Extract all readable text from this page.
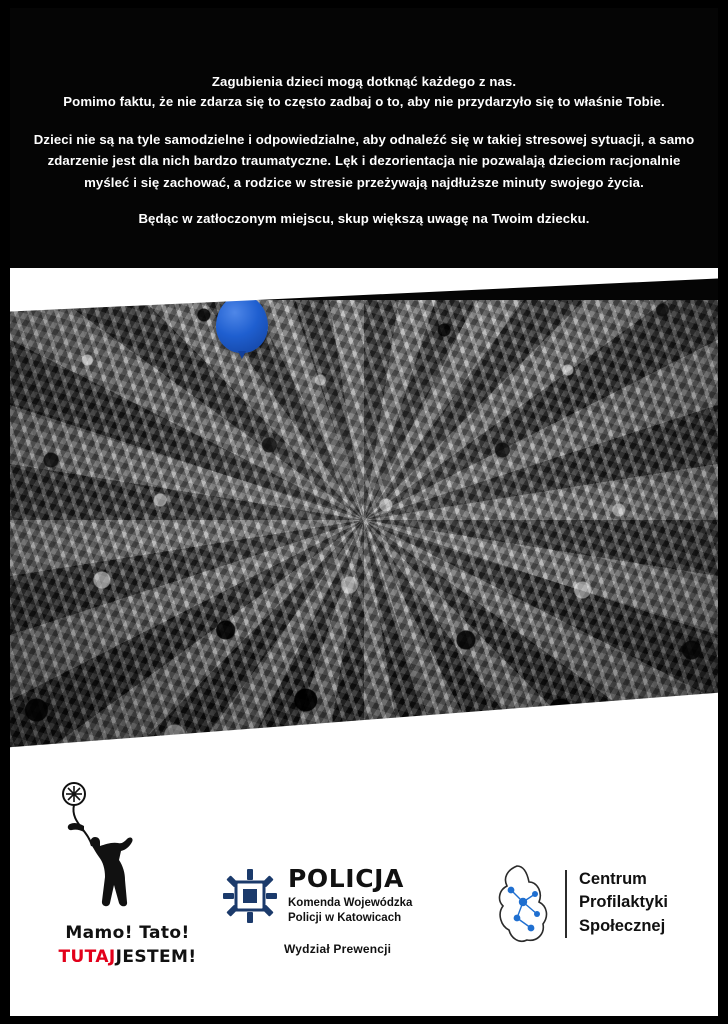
Zagubienia dzieci mogą dotknąć każdego z nas.
Pomimo faktu, że nie zdarza się to często zadbaj o to, aby nie przydarzyło się to właśnie Tobie.

Dzieci nie są na tyle samodzielne i odpowiedzialne, aby odnaleźć się w takiej stresowej sytuacji, a samo zdarzenie jest dla nich bardzo traumatyczne. Lęk i dezorientacja nie pozwalają dzieciom racjonalnie myśleć i się zachować, a rodzice w stresie przeżywają najdłuższe minuty swojego życia.

Będąc w zatłoczonym miejscu, skup większą uwagę na Twoim dziecku.

Mamo! Tato!
TUTAJJESTEM!
POLICJA
Komenda Wojewódzka
Policji w Katowicach
Wydział Prewencji
Centrum
Profilaktyki
Społecznej
